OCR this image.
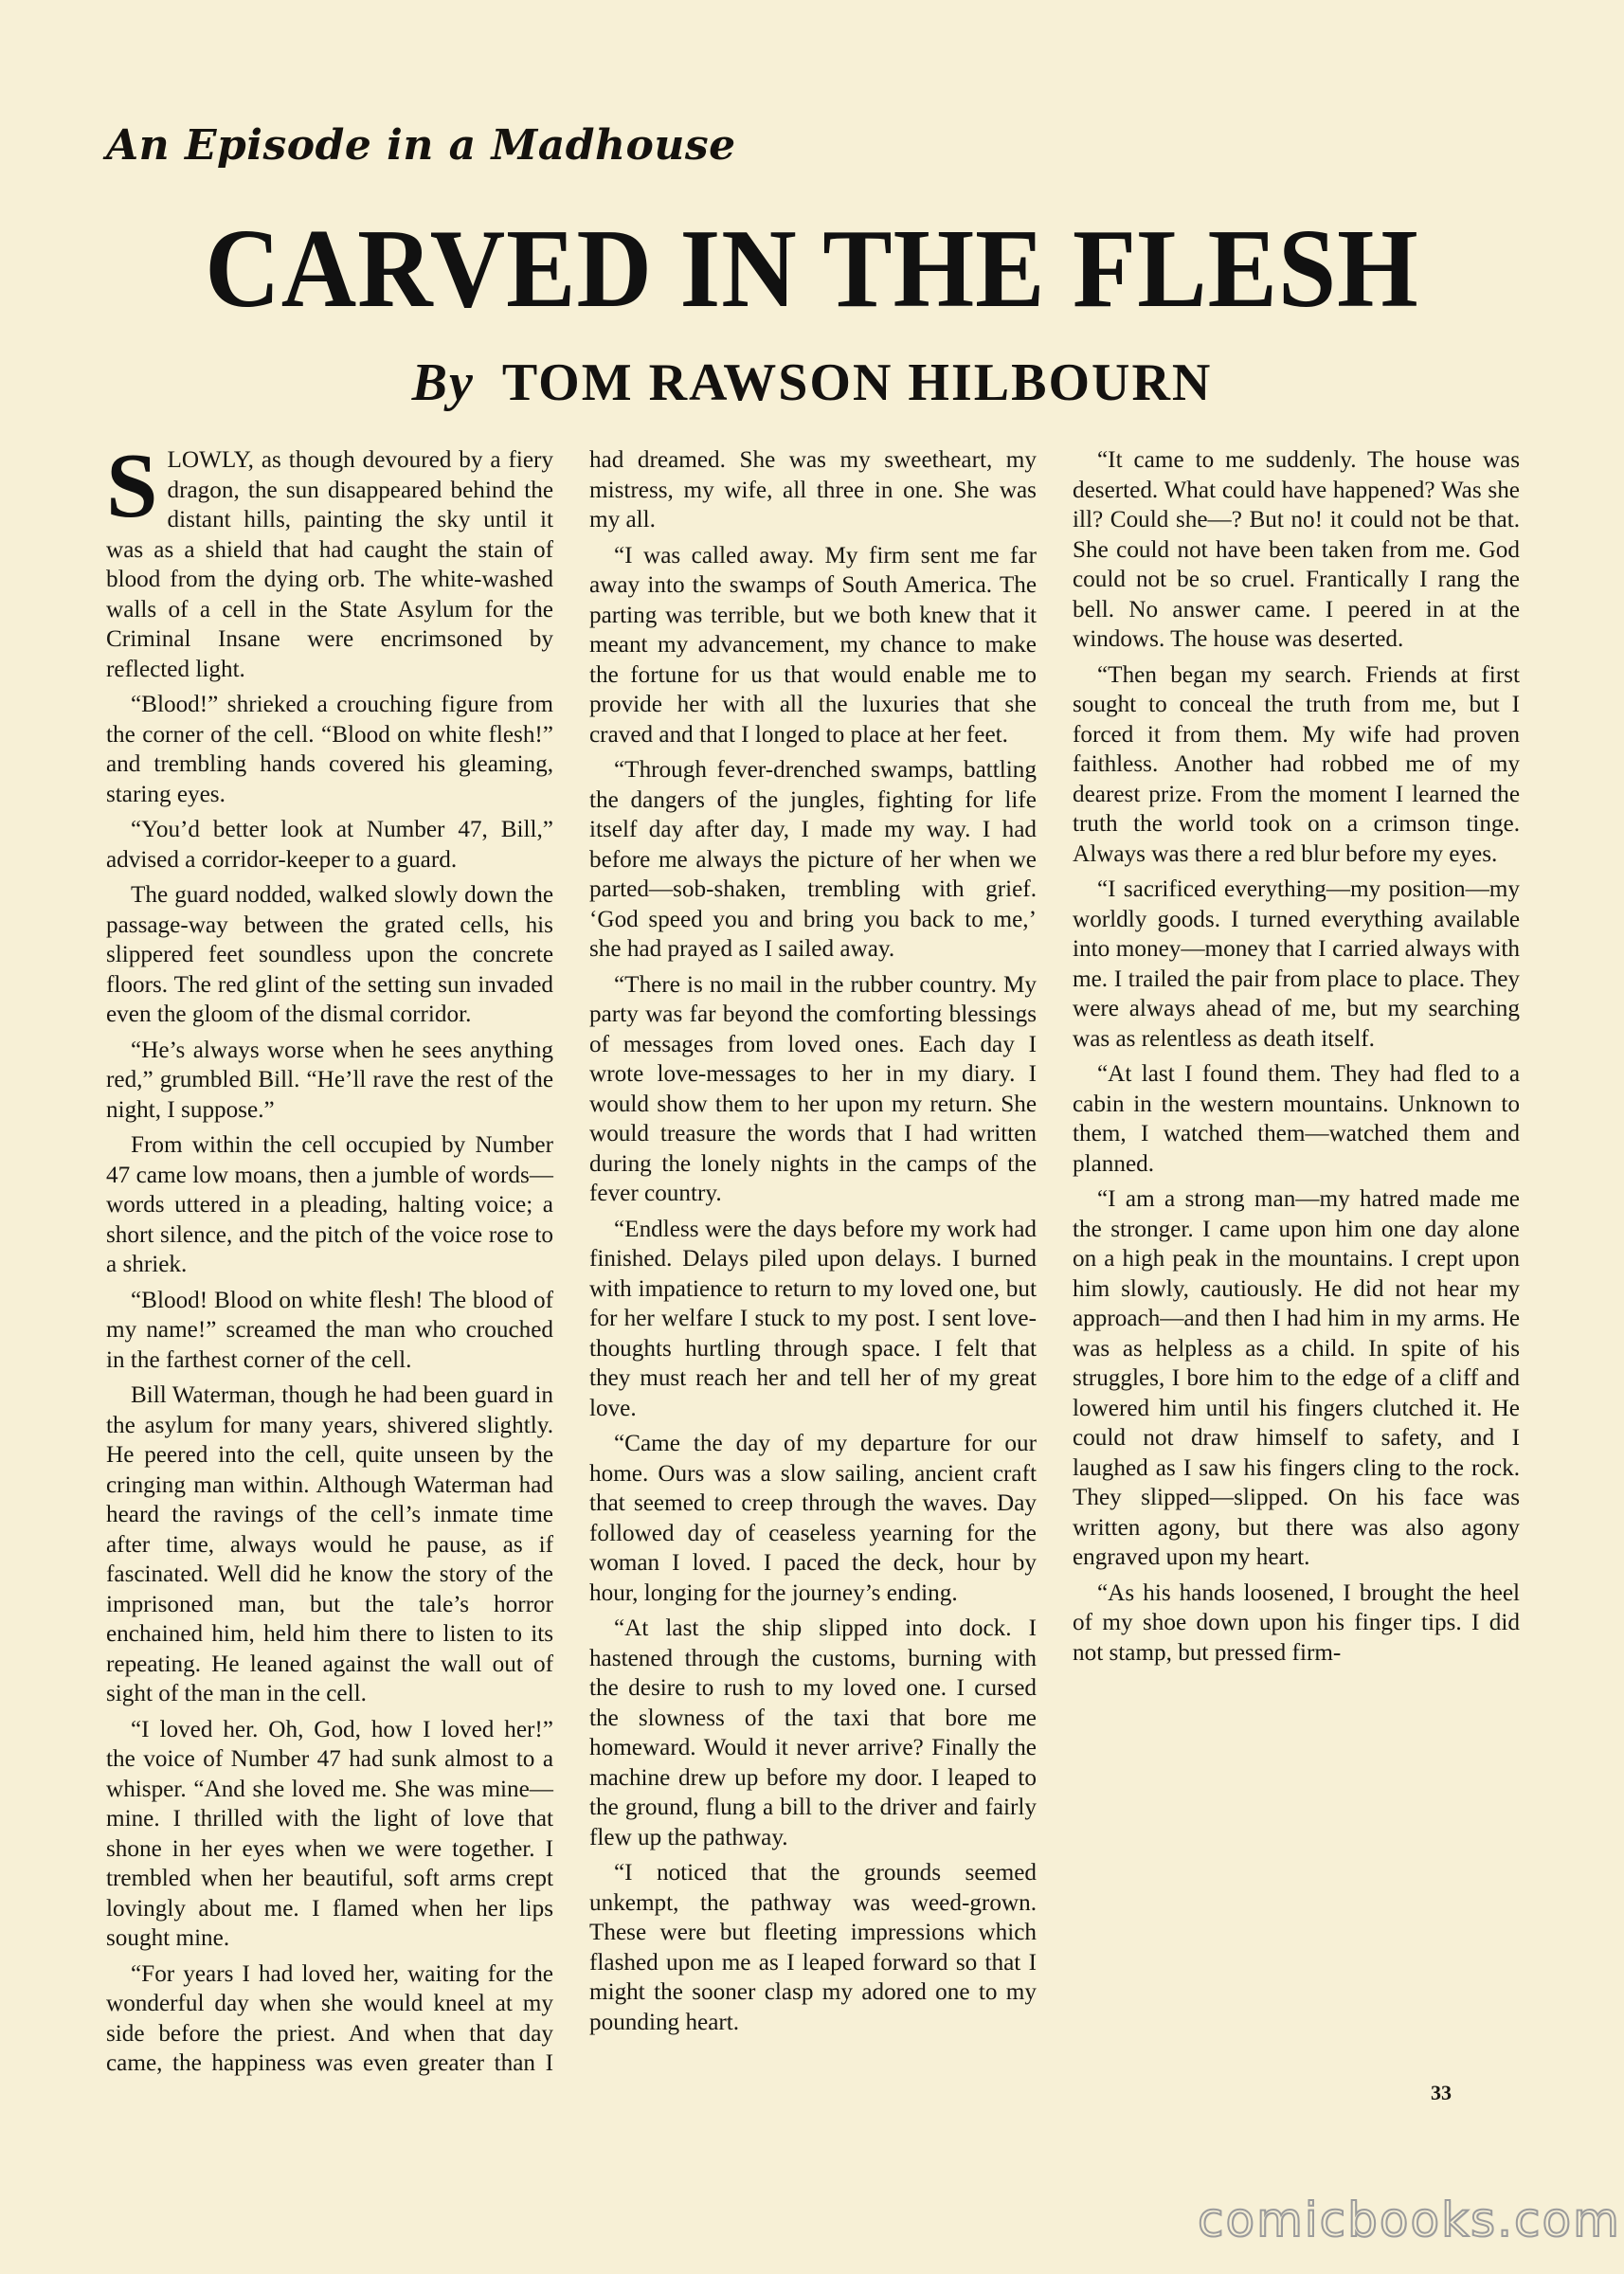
An Episode in a Madhouse
CARVED IN THE FLESH
By TOM RAWSON HILBOURN

SLOWLY, as though devoured by a fiery dragon, the sun disappeared behind the distant hills, painting the sky until it was as a shield that had caught the stain of blood from the dying orb. The white-washed walls of a cell in the State Asylum for the Criminal Insane were encrimsoned by reflected light.

“Blood!” shrieked a crouching figure from the corner of the cell. “Blood on white flesh!” and trembling hands covered his gleaming, staring eyes.

“You’d better look at Number 47, Bill,” advised a corridor-keeper to a guard.

The guard nodded, walked slowly down the passage-way between the grated cells, his slippered feet soundless upon the concrete floors. The red glint of the setting sun invaded even the gloom of the dismal corridor.

“He’s always worse when he sees anything red,” grumbled Bill. “He’ll rave the rest of the night, I suppose.”

From within the cell occupied by Number 47 came low moans, then a jumble of words—words uttered in a pleading, halting voice; a short silence, and the pitch of the voice rose to a shriek.

“Blood! Blood on white flesh! The blood of my name!” screamed the man who crouched in the farthest corner of the cell.

Bill Waterman, though he had been guard in the asylum for many years, shivered slightly. He peered into the cell, quite unseen by the cringing man within. Although Waterman had heard the ravings of the cell’s inmate time after time, always would he pause, as if fascinated. Well did he know the story of the imprisoned man, but the tale’s horror enchained him, held him there to listen to its repeating. He leaned against the wall out of sight of the man in the cell.

“I loved her. Oh, God, how I loved her!” the voice of Number 47 had sunk almost to a whisper. “And she loved me. She was mine—mine. I thrilled with the light of love that shone in her eyes when we were together. I trembled when her beautiful, soft arms crept lovingly about me. I flamed when her lips sought mine.

“For years I had loved her, waiting for the wonderful day when she would kneel at my side before the priest. And when that day came, the happiness was even greater than I had dreamed. She was my sweetheart, my mistress, my wife, all three in one. She was my all.

“I was called away. My firm sent me far away into the swamps of South America. The parting was terrible, but we both knew that it meant my advancement, my chance to make the fortune for us that would enable me to provide her with all the luxuries that she craved and that I longed to place at her feet.

“Through fever-drenched swamps, battling the dangers of the jungles, fighting for life itself day after day, I made my way. I had before me always the picture of her when we parted—sob-shaken, trembling with grief. ‘God speed you and bring you back to me,’ she had prayed as I sailed away.

“There is no mail in the rubber country. My party was far beyond the comforting blessings of messages from loved ones. Each day I wrote love-messages to her in my diary. I would show them to her upon my return. She would treasure the words that I had written during the lonely nights in the camps of the fever country.

“Endless were the days before my work had finished. Delays piled upon delays. I burned with impatience to return to my loved one, but for her welfare I stuck to my post. I sent love-thoughts hurtling through space. I felt that they must reach her and tell her of my great love.

“Came the day of my departure for our home. Ours was a slow sailing, ancient craft that seemed to creep through the waves. Day followed day of ceaseless yearning for the woman I loved. I paced the deck, hour by hour, longing for the journey’s ending.

“At last the ship slipped into dock. I hastened through the customs, burning with the desire to rush to my loved one. I cursed the slowness of the taxi that bore me homeward. Would it never arrive? Finally the machine drew up before my door. I leaped to the ground, flung a bill to the driver and fairly flew up the pathway.

“I noticed that the grounds seemed unkempt, the pathway was weed-grown. These were but fleeting impressions which flashed upon me as I leaped forward so that I might the sooner clasp my adored one to my pounding heart.

“It came to me suddenly. The house was deserted. What could have happened? Was she ill? Could she—? But no! it could not be that. She could not have been taken from me. God could not be so cruel. Frantically I rang the bell. No answer came. I peered in at the windows. The house was deserted.

“Then began my search. Friends at first sought to conceal the truth from me, but I forced it from them. My wife had proven faithless. Another had robbed me of my dearest prize. From the moment I learned the truth the world took on a crimson tinge. Always was there a red blur before my eyes.

“I sacrificed everything—my position—my worldly goods. I turned everything available into money—money that I carried always with me. I trailed the pair from place to place. They were always ahead of me, but my searching was as relentless as death itself.

“At last I found them. They had fled to a cabin in the western mountains. Unknown to them, I watched them—watched them and planned.

“I am a strong man—my hatred made me the stronger. I came upon him one day alone on a high peak in the mountains. I crept upon him slowly, cautiously. He did not hear my approach—and then I had him in my arms. He was as helpless as a child. In spite of his struggles, I bore him to the edge of a cliff and lowered him until his fingers clutched it. He could not draw himself to safety, and I laughed as I saw his fingers cling to the rock. They slipped—slipped. On his face was written agony, but there was also agony engraved upon my heart.

“As his hands loosened, I brought the heel of my shoe down upon his finger tips. I did not stamp, but pressed firm-

33
comicbooks.com
